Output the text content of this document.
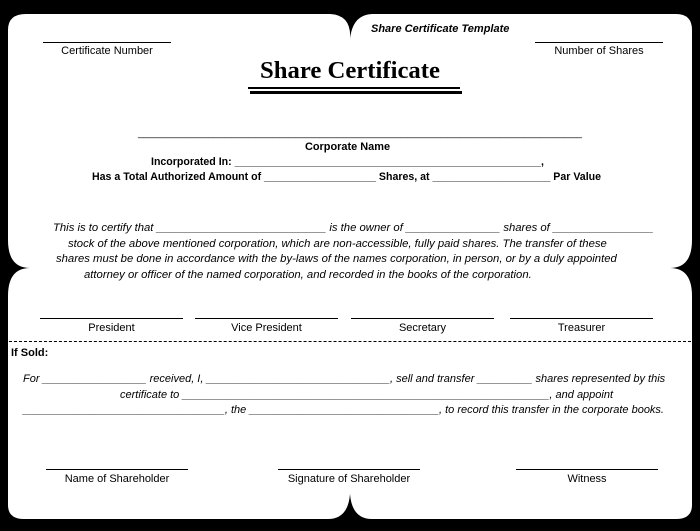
Share Certificate Template
Certificate Number	Number of Shares
Share Certificate
____________________________________________________________________________
Corporate Name
Incorporated In: ____________________________________________________,
Has a Total Authorized Amount of ___________________ Shares, at ____________________ Par Value
This is to certify that ___________________________ is the owner of _______________ shares of ________________
stock of the above mentioned corporation, which are non-accessible, fully paid shares. The transfer of these
shares must be done in accordance with the by-laws of the names corporation, in person, or by a duly appointed
attorney or officer of the named corporation, and recorded in the books of the corporation.
President	Vice President	Secretary	Treasurer
If Sold:
For _________________ received, I, ______________________________, sell and transfer _________ shares represented by this
certificate to ____________________________________________________________, and appoint
_________________________________, the _______________________________, to record this transfer in the corporate books.
Name of Shareholder	Signature of Shareholder	Witness
